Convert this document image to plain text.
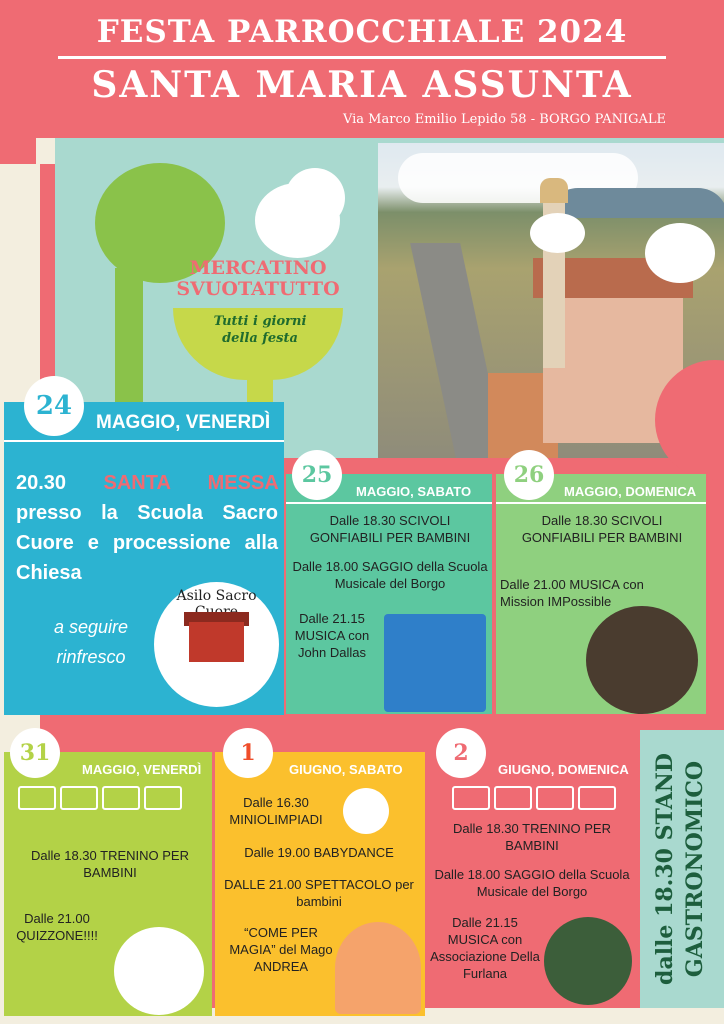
FESTA PARROCCHIALE 2024
SANTA MARIA ASSUNTA
Via Marco Emilio Lepido 58 - BORGO PANIGALE
MERCATINO SVUOTATUTTO
Tutti i giorni della festa
24
MAGGIO, VENERDÌ
20.30 SANTA MESSA presso la Scuola Sacro Cuore e processione alla Chiesa
a seguire rinfresco
Asilo Sacro
25
MAGGIO, SABATO
Dalle 18.30 SCIVOLI GONFIABILI PER BAMBINI
Dalle 18.00 SAGGIO della Scuola Musicale del Borgo
Dalle 21.15 MUSICA con John Dallas
26
MAGGIO, DOMENICA
Dalle 18.30 SCIVOLI GONFIABILI PER BAMBINI
Dalle 21.00 MUSICA con Mission IMPossible
31
MAGGIO, VENERDÌ
Dalle 18.30 TRENINO PER BAMBINI
Dalle 21.00 QUIZZONE!!!!
1
GIUGNO, SABATO
Dalle 16.30 MINIOLIMPIADI
Dalle 19.00 BABYDANCE
DALLE 21.00 SPETTACOLO per bambini
“COME PER MAGIA” del Mago ANDREA
2
GIUGNO, DOMENICA
Dalle 18.30 TRENINO PER BAMBINI
Dalle 18.00 SAGGIO della Scuola Musicale del Borgo
Dalle 21.15 MUSICA con Associazione Della Furlana	dalle 18.30 STAND GASTRONOMICO
